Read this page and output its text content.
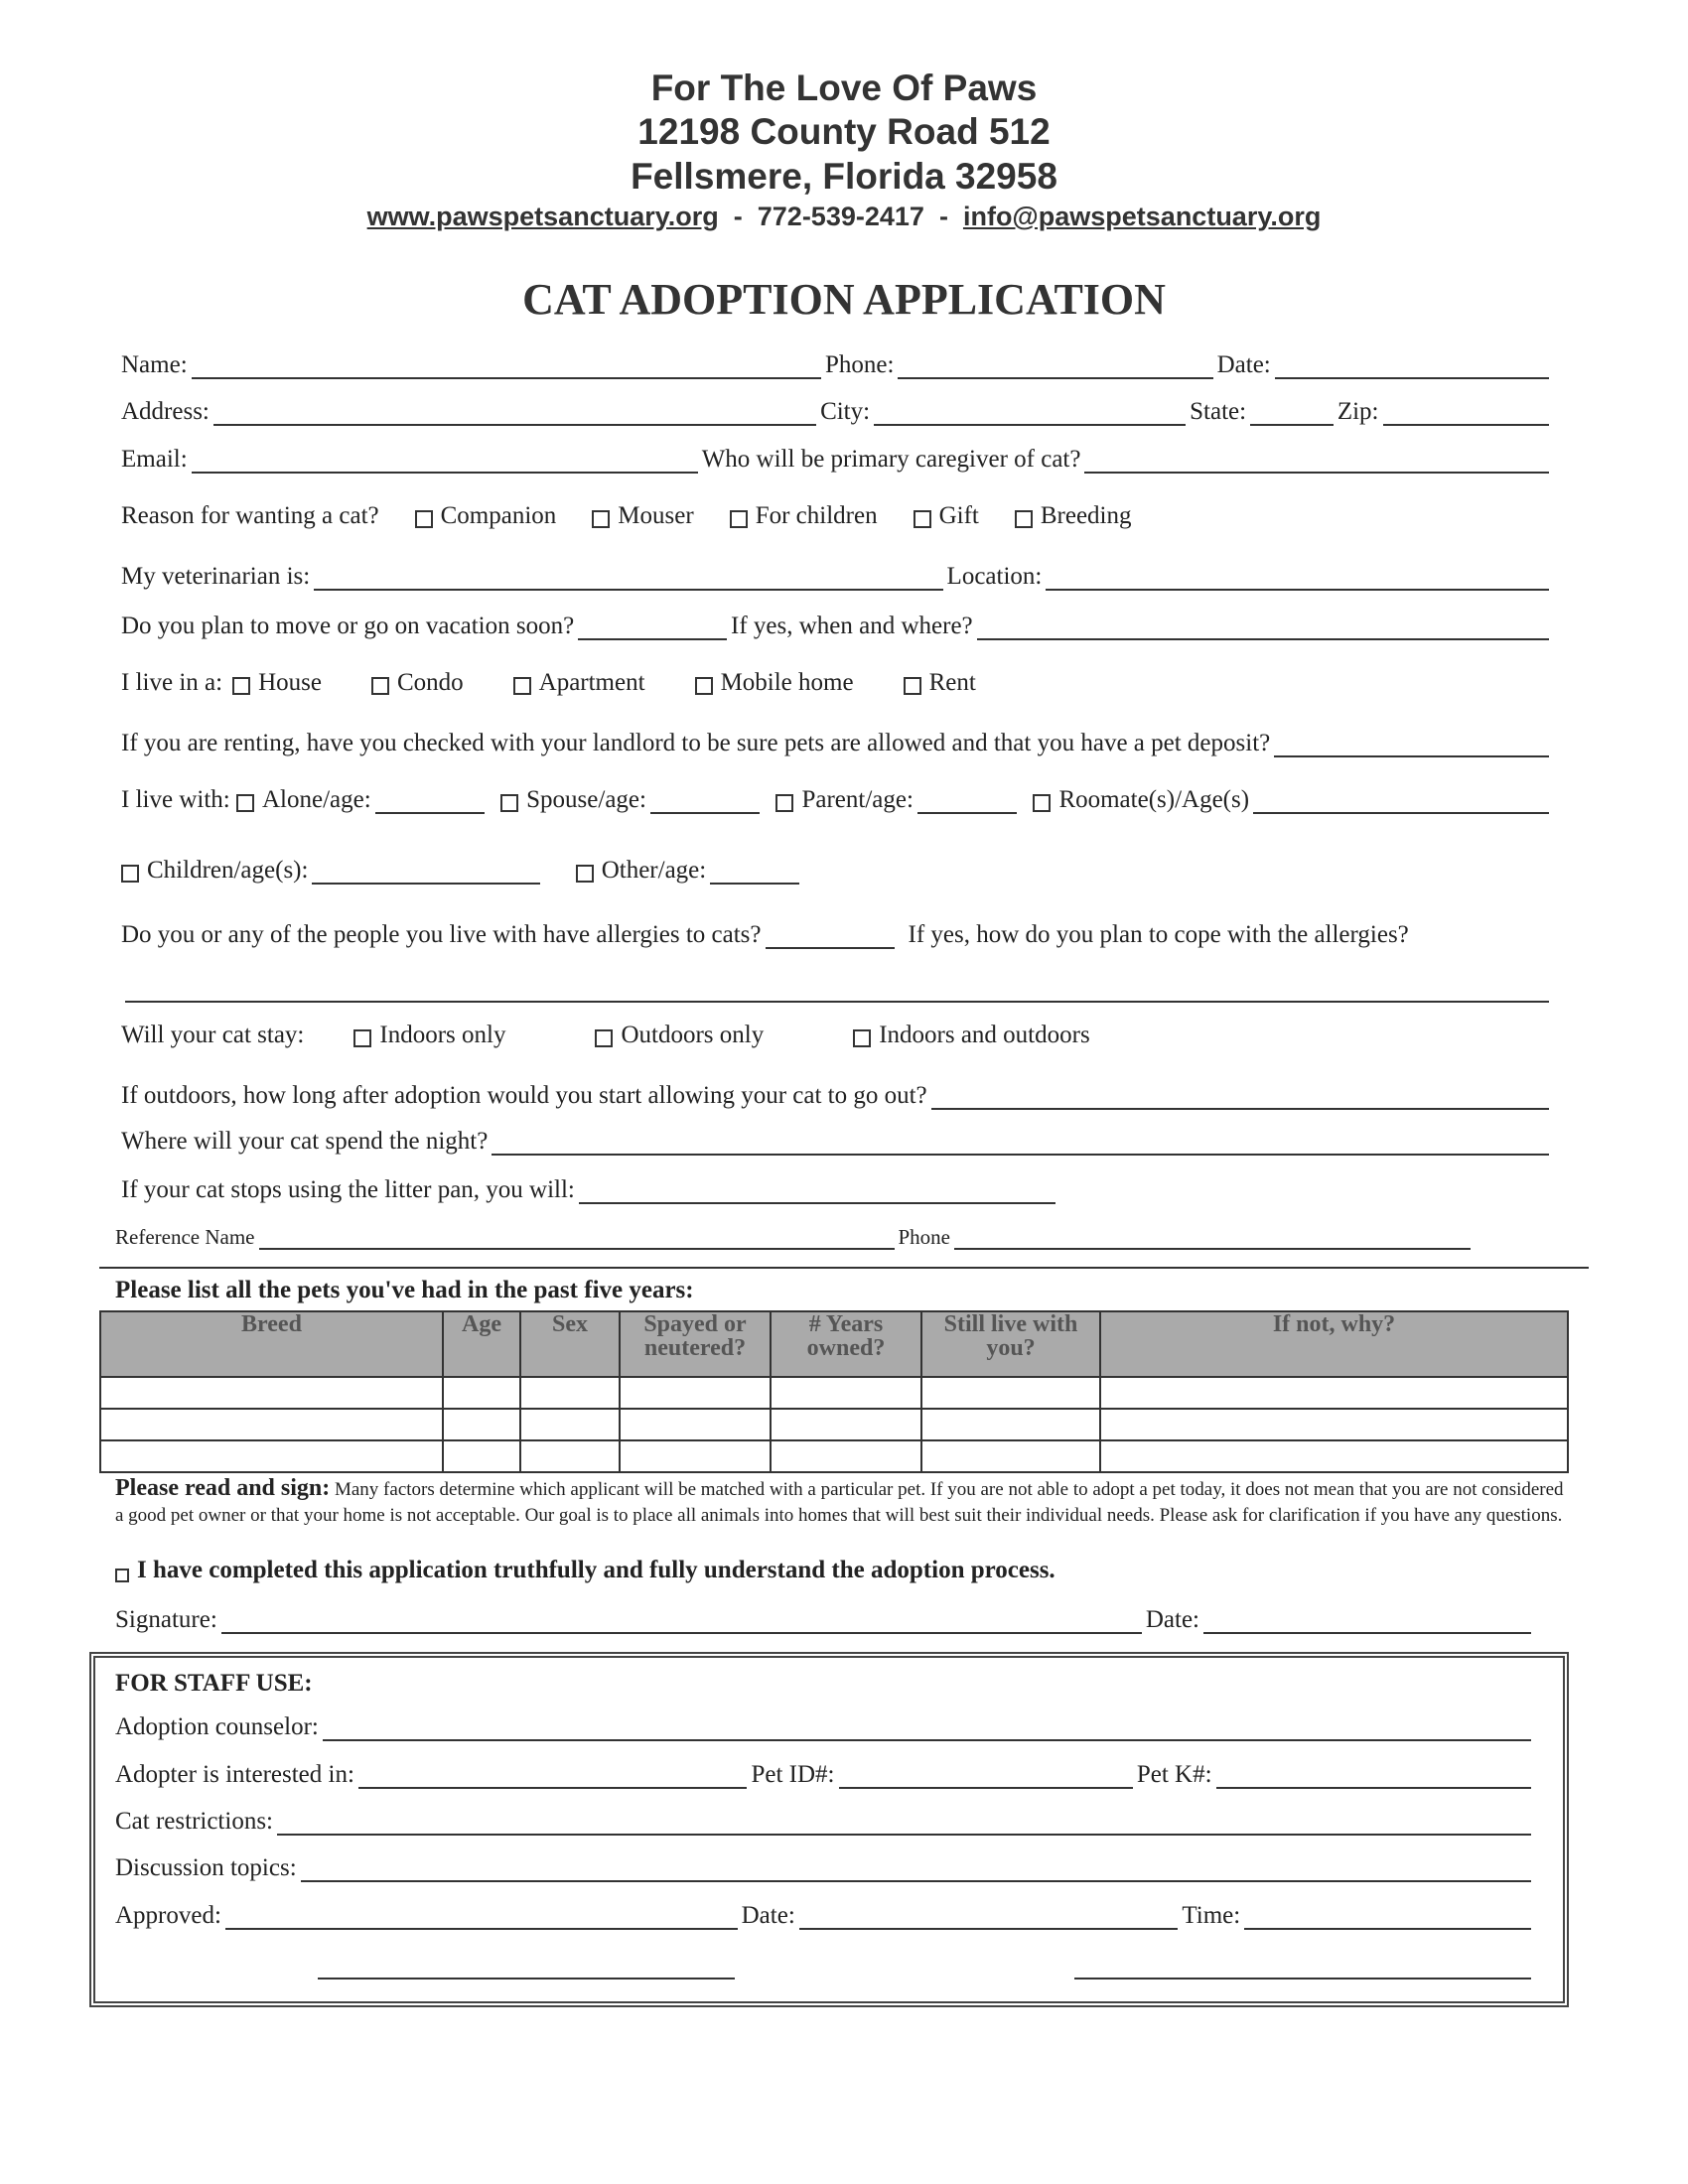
For The Love Of Paws
12198 County Road 512
Fellsmere, Florida 32958
www.pawspetsanctuary.org - 772-539-2417 - info@pawspetsanctuary.org
CAT ADOPTION APPLICATION
Name:	Phone:	Date:
Address:	City:	State:	Zip:
Email:	Who will be primary caregiver of cat?
Reason for wanting a cat? Companion Mouser For children Gift Breeding
My veterinarian is:	Location:
Do you plan to move or go on vacation soon?	If yes, when and where?
I live in a: House	Condo	Apartment	Mobile home	Rent
If you are renting, have you checked with your landlord to be sure pets are allowed and that you have a pet deposit?
I live with:
Alone/age:
	Spouse/age:
	Parent/age:
	Roomate(s)/Age(s)
Children/age(s):
	Other/age:
Do you or any of the people you live with have allergies to cats?	If yes, how do you plan to cope with the allergies?
Will your cat stay:	Indoors only	Outdoors only	Indoors and outdoors
If outdoors, how long after adoption would you start allowing your cat to go out?
Where will your cat spend the night?
If your cat stops using the litter pan, you will:
Reference Name	Phone
Please list all the pets you've had in the past five years:
Breed	Age	Sex	Spayed or neutered?	# Years owned?	Still live with you?	If not, why?

Please read and sign: Many factors determine which applicant will be matched with a particular pet. If you are not able to adopt a pet today, it does not mean that you are not considered a good pet owner or that your home is not acceptable. Our goal is to place all animals into homes that will best suit their individual needs. Please ask for clarification if you have any questions.
I have completed this application truthfully and fully understand the adoption process.
Signature:	Date:
FOR STAFF USE:
Adoption counselor:
Adopter is interested in:	Pet ID#:	Pet K#:
Cat restrictions:
Discussion topics:
Approved:	Date:	Time:
